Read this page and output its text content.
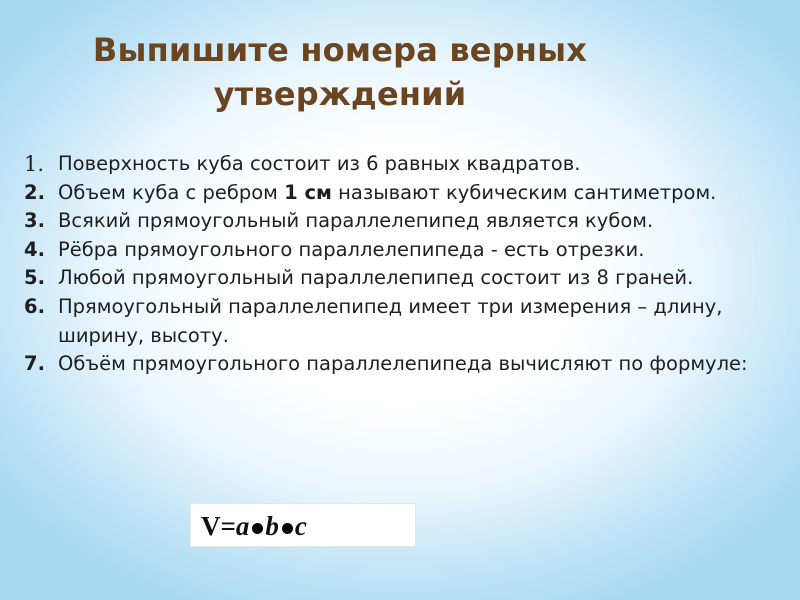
Выпишите номера верных
утверждений
1. Поверхность куба состоит из 6 равных квадратов.
2. Объем куба с ребром 1 см называют кубическим сантиметром.
3. Всякий прямоугольный параллелепипед является кубом.
4. Рёбра прямоугольного параллелепипеда - есть отрезки.
5. Любой прямоугольный параллелепипед состоит из 8 граней.
6. Прямоугольный параллелепипед имеет три измерения – длину, ширину, высоту.
7. Объём прямоугольного параллелепипеда вычисляют по формуле:
V=a b c
